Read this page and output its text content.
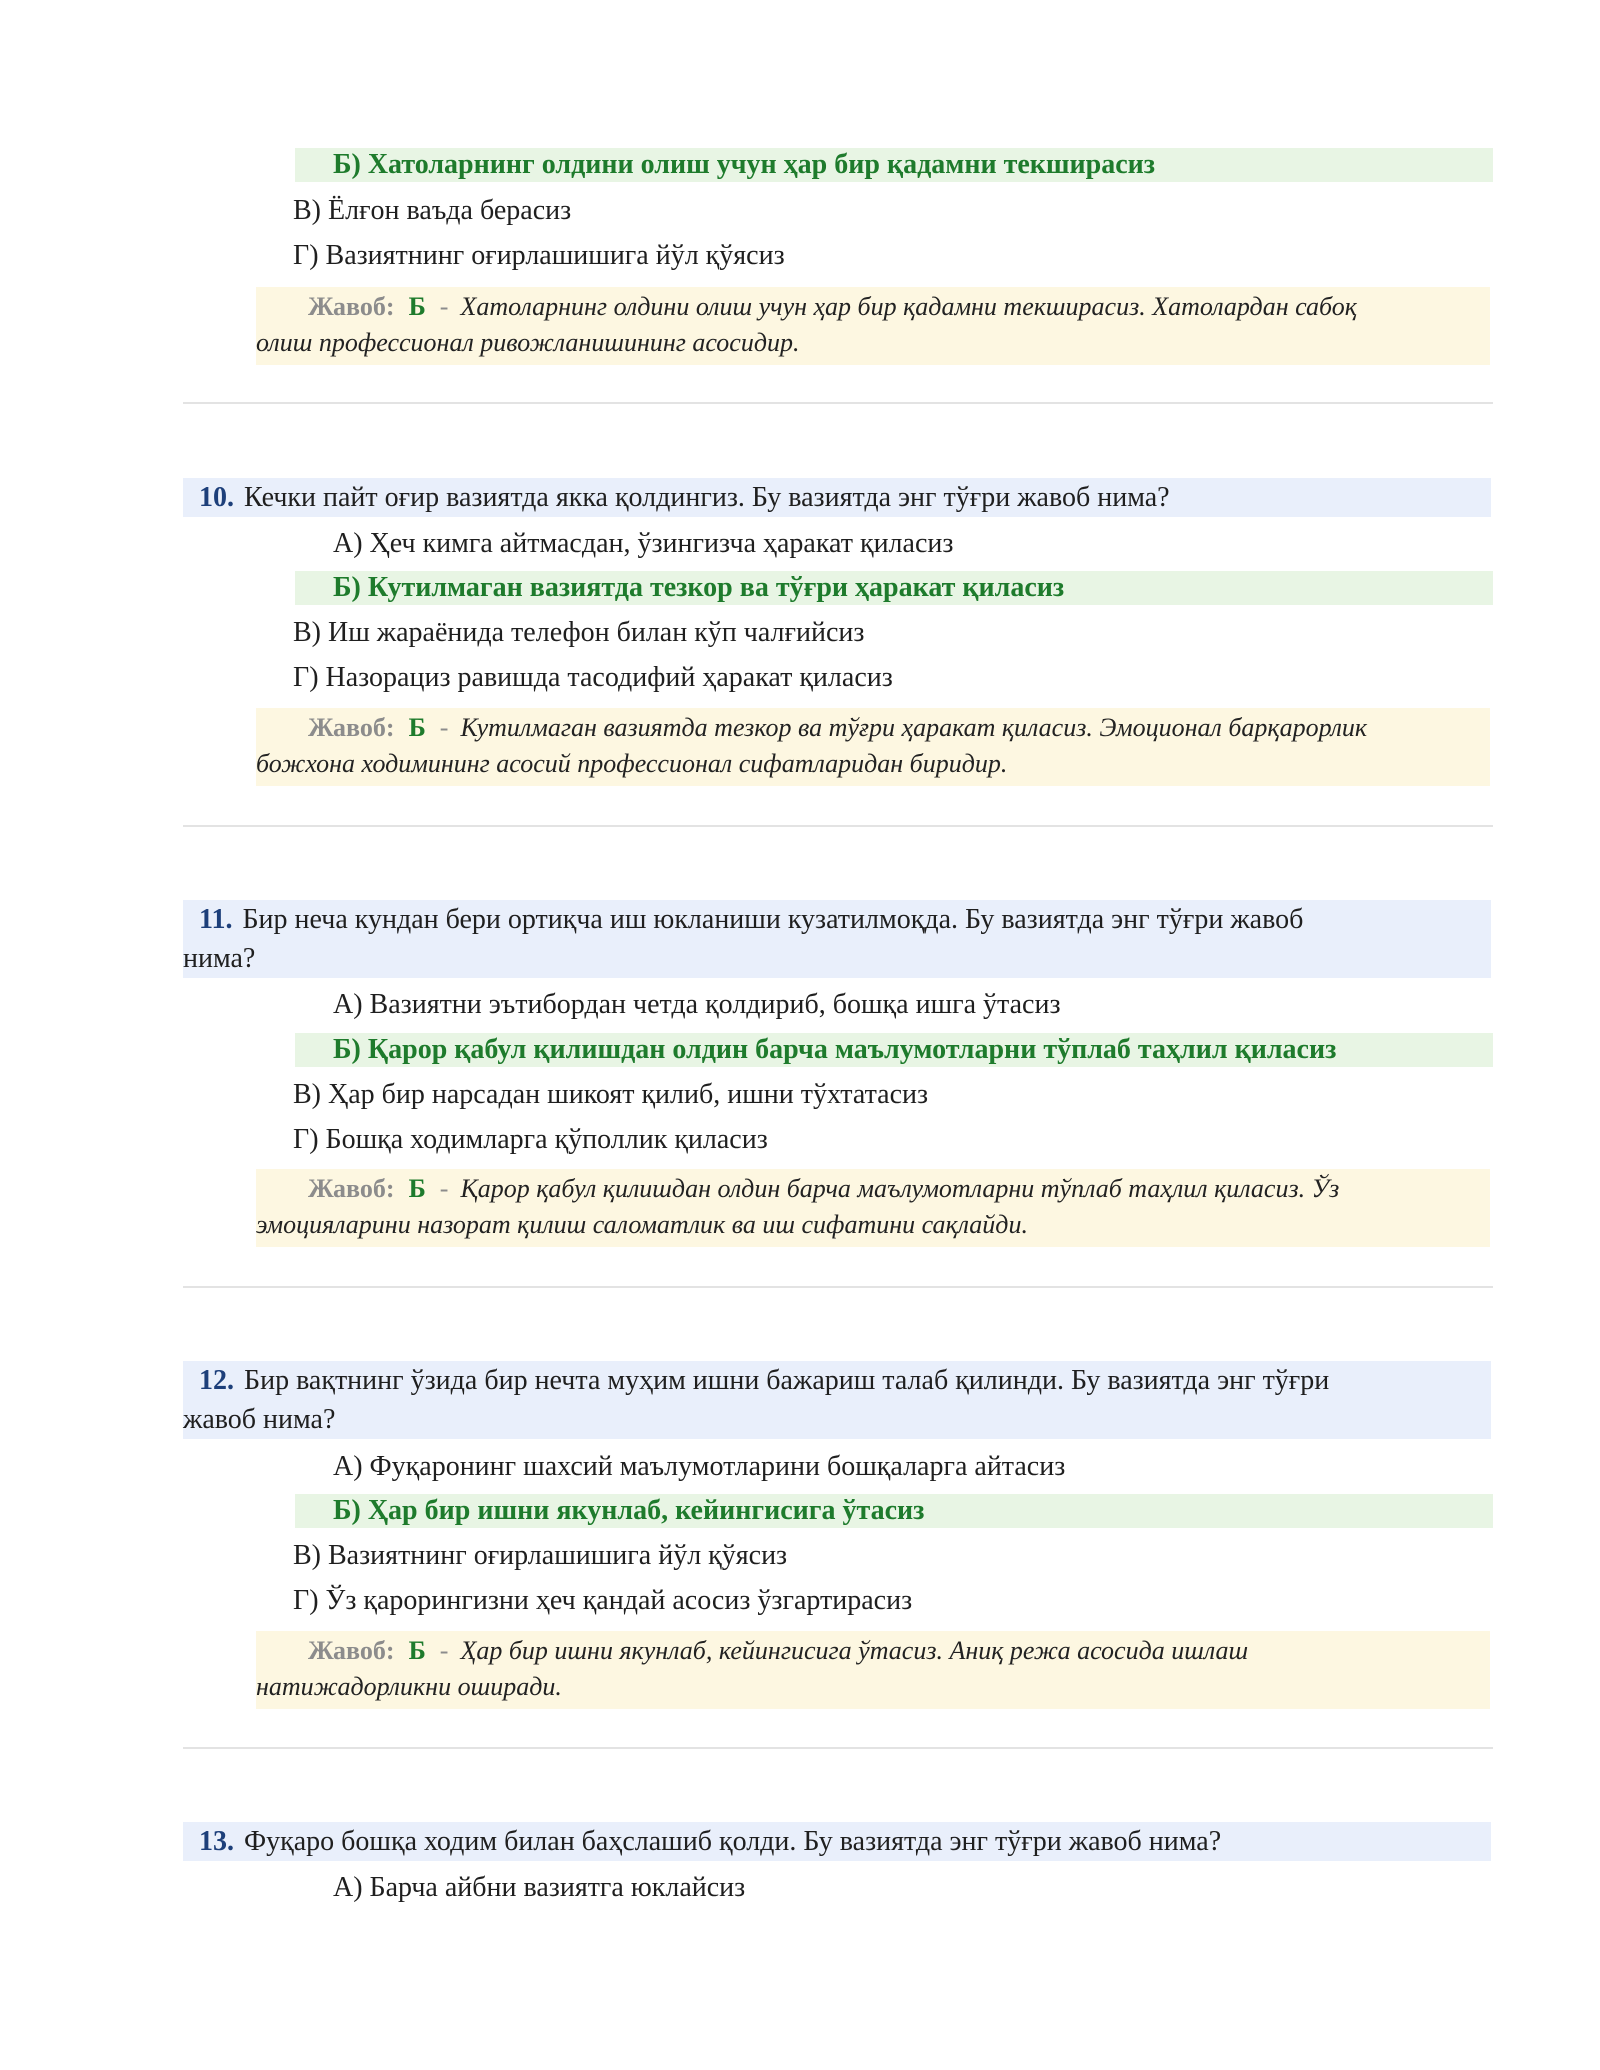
Б) Хатоларнинг олдини олиш учун ҳар бир қадамни текширасиз
В) Ёлғон ваъда берасиз
Г) Вазиятнинг оғирлашишига йўл қўясиз
Жавоб: Б - Хатоларнинг олдини олиш учун ҳар бир қадамни текширасиз. Хатолардан сабоқ
олиш профессионал ривожланишининг асосидир.
10. Кечки пайт оғир вазиятда якка қолдингиз. Бу вазиятда энг тўғри жавоб нима?
А) Ҳеч кимга айтмасдан, ўзингизча ҳаракат қиласиз
Б) Кутилмаган вазиятда тезкор ва тўғри ҳаракат қиласиз
В) Иш жараёнида телефон билан кўп чалғийсиз
Г) Назорациз равишда тасодифий ҳаракат қиласиз
Жавоб: Б - Кутилмаган вазиятда тезкор ва тўғри ҳаракат қиласиз. Эмоционал барқарорлик
божхона ходимининг асосий профессионал сифатларидан биридир.
11. Бир неча кундан бери ортиқча иш юкланиши кузатилмоқда. Бу вазиятда энг тўғри жавоб
нима?
А) Вазиятни эътибордан четда қолдириб, бошқа ишга ўтасиз
Б) Қарор қабул қилишдан олдин барча маълумотларни тўплаб таҳлил қиласиз
В) Ҳар бир нарсадан шикоят қилиб, ишни тўхтатасиз
Г) Бошқа ходимларга қўполлик қиласиз
Жавоб: Б - Қарор қабул қилишдан олдин барча маълумотларни тўплаб таҳлил қиласиз. Ўз
эмоцияларини назорат қилиш саломатлик ва иш сифатини сақлайди.
12. Бир вақтнинг ўзида бир нечта муҳим ишни бажариш талаб қилинди. Бу вазиятда энг тўғри
жавоб нима?
А) Фуқаронинг шахсий маълумотларини бошқаларга айтасиз
Б) Ҳар бир ишни якунлаб, кейингисига ўтасиз
В) Вазиятнинг оғирлашишига йўл қўясиз
Г) Ўз қарорингизни ҳеч қандай асосиз ўзгартирасиз
Жавоб: Б - Ҳар бир ишни якунлаб, кейингисига ўтасиз. Аниқ режа асосида ишлаш
натижадорликни оширади.
13. Фуқаро бошқа ходим билан баҳслашиб қолди. Бу вазиятда энг тўғри жавоб нима?
А) Барча айбни вазиятга юклайсиз
